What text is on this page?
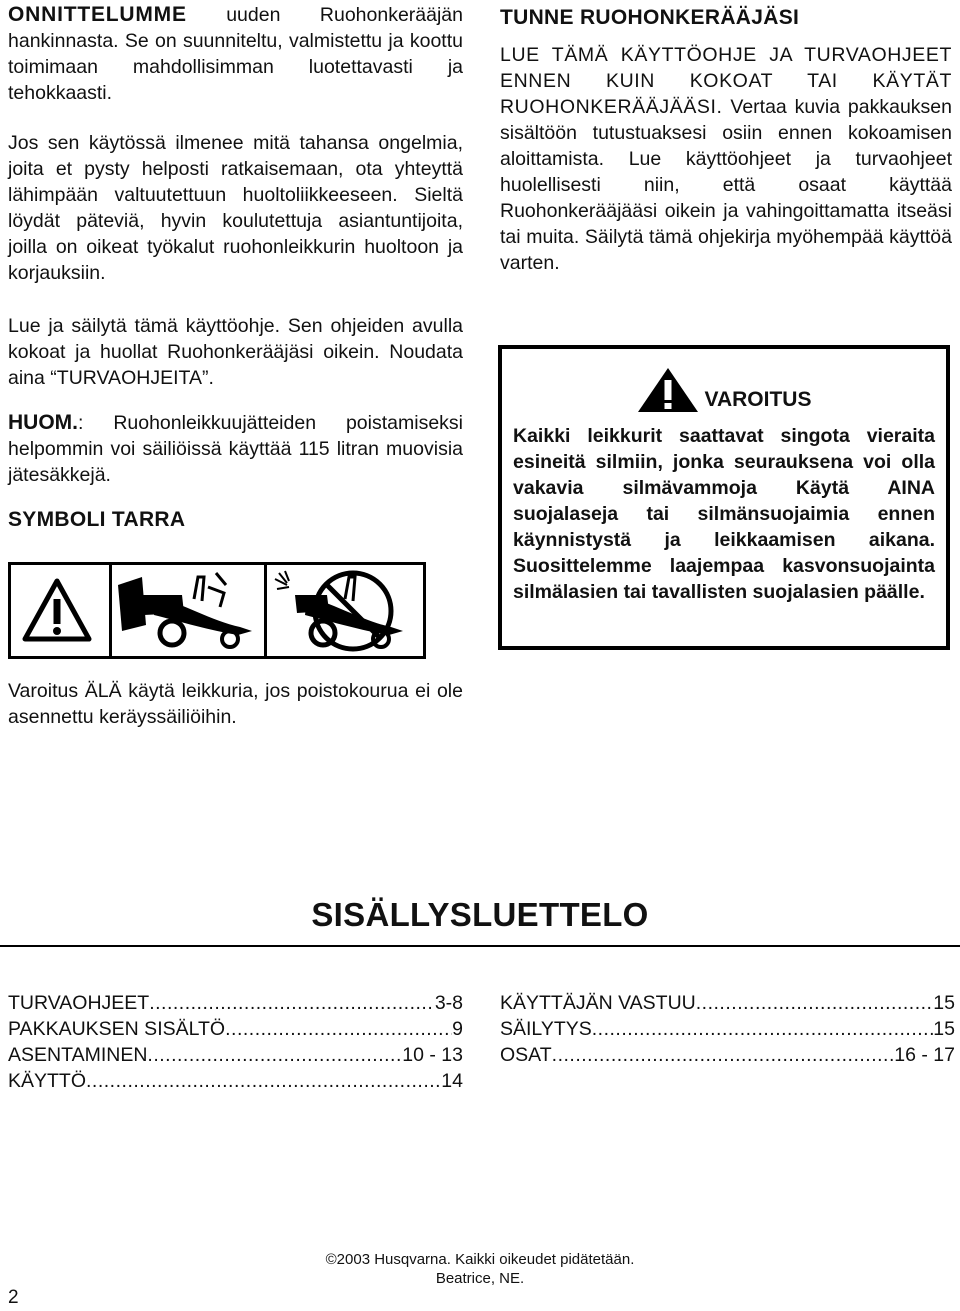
ONNITTELUMME uuden Ruohonkerääjän hankinnasta. Se on suunniteltu, valmistettu ja koottu toimimaan mahdollisimman luotettavasti ja tehokkaasti.

Jos sen käytössä ilmenee mitä tahansa ongelmia, joita et pysty helposti ratkaisemaan, ota yhteyttä lähimpään valtuutettuun huoltoliikkeeseen. Sieltä löydät päteviä, hyvin koulutettuja asiantuntijoita, joilla on oikeat työkalut ruohonleikkurin huoltoon ja korjauksiin.

Lue ja säilytä tämä käyttöohje. Sen ohjeiden avulla kokoat ja huollat Ruohonkerääjäsi oikein. Noudata aina “TURVAOHJEITA”.

HUOM.: Ruohonleikkuujätteiden poistamiseksi helpommin voi säiliöissä käyttää 115 litran muovisia jätesäkkejä.

SYMBOLI TARRA

Varoitus ÄLÄ käytä leikkuria, jos poistokourua ei ole asennettu keräyssäiliöihin.

TUNNE RUOHONKERÄÄJÄSI

LUE TÄMÄ KÄYTTÖOHJE JA TURVAOHJEET ENNEN KUIN KOKOAT TAI KÄYTÄT RUOHONKERÄÄJÄÄSI. Vertaa kuvia pakkauksen sisältöön tutustuaksesi osiin ennen kokoamisen aloittamista. Lue käyttöohjeet ja turvaohjeet huolellisesti niin, että osaat käyttää Ruohonkerääjääsi oikein ja vahingoittamatta itseäsi tai muita. Säilytä tämä ohjekirja myöhempää käyttöä varten.

VAROITUS
Kaikki leikkurit saattavat singota vieraita esineitä silmiin, jonka seurauksena voi olla vakavia silmävammoja Käytä AINA suojalaseja tai silmänsuojaimia ennen käynnistystä ja leikkaamisen aikana. Suosittelemme laajempaa kasvonsuojainta silmälasien tai tavallisten suojalasien päälle.
SISÄLLYSLUETTELO
TURVAOHJEET .....	3-8
PAKKAUKSEN SISÄLTÖ .....	9
ASENTAMINEN .....	10 - 13
KÄYTTÖ .....	14
KÄYTTÄJÄN VASTUU .....	15
SÄILYTYS .....	15
OSAT .....	16 - 17
©2003 Husqvarna. Kaikki oikeudet pidätetään.
Beatrice, NE.
2
